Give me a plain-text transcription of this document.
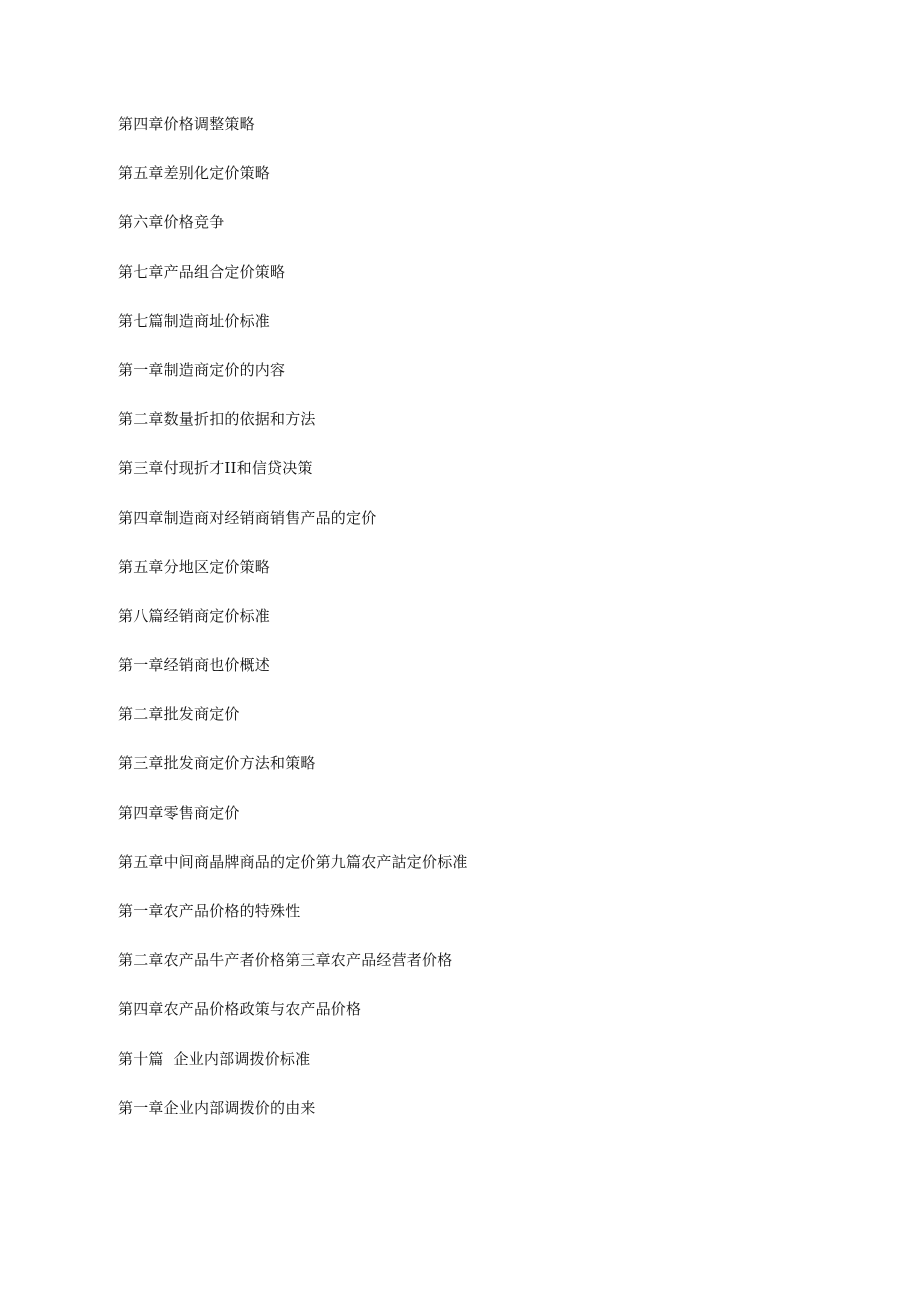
第四章价格调整策略
第五章差别化定价策略
第六章价格竞争
第七章产品组合定价策略
第七篇制造商址价标准
第一章制造商定价的内容
第二章数量折扣的依据和方法
第三章付现折才II和信贷决策
第四章制造商对经销商销售产品的定价
第五章分地区定价策略
第八篇经销商定价标准
第一章经销商也价概述
第二章批发商定价
第三章批发商定价方法和策略
第四章零售商定价
第五章中间商晶牌商品的定价第九篇农产詁定价标准
第一章农产品价格的特殊性
第二章农产品牛产者价格第三章农产品经营者价格
第四章农产品价格政策与农产品价格
第十篇  企业内部调拨价标准
第一章企业内部调拨价的由来
